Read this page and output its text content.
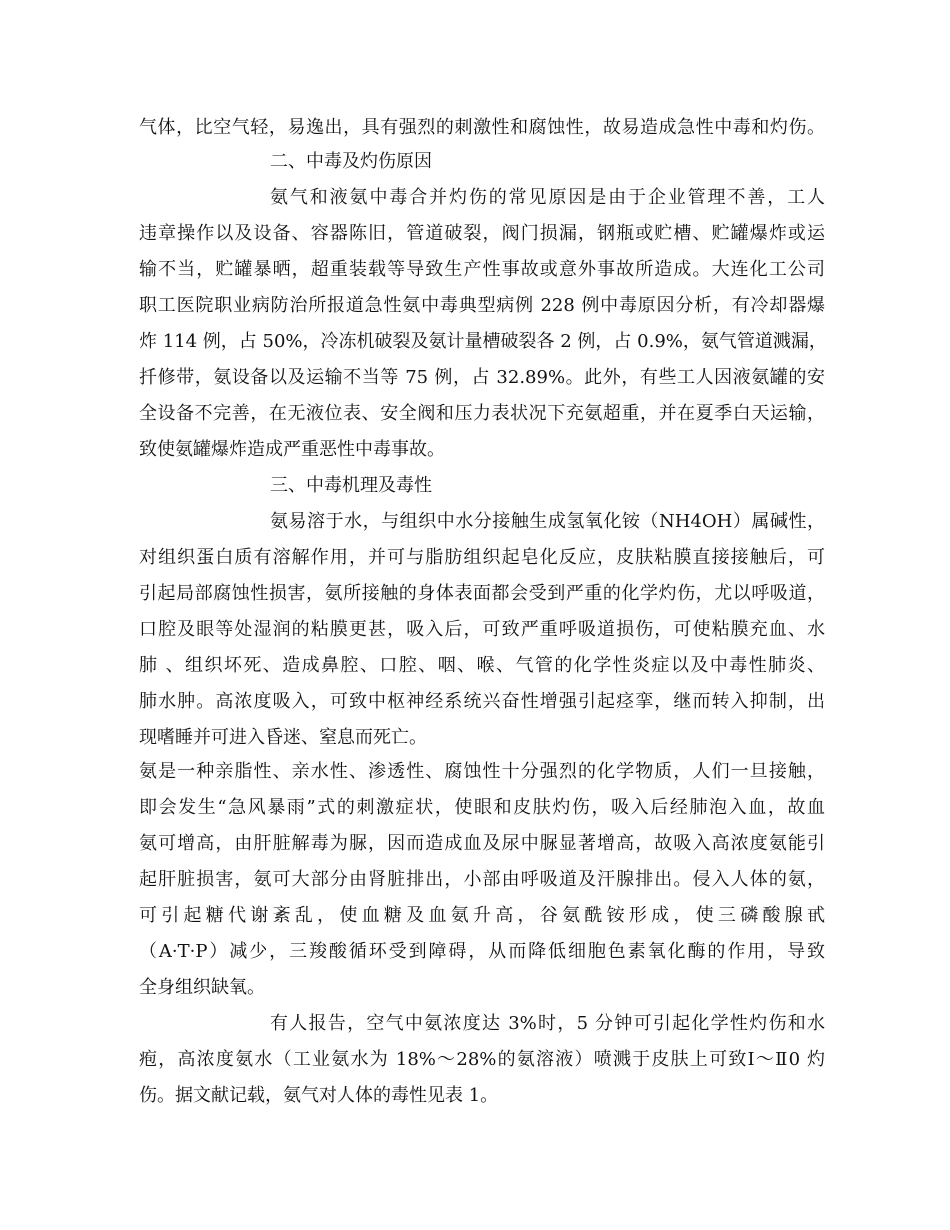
气体，比空气轻，易逸出，具有强烈的刺激性和腐蚀性，故易造成急性中毒和灼伤。
二、中毒及灼伤原因
氨气和液氨中毒合并灼伤的常见原因是由于企业管理不善，工人
违章操作以及设备、容器陈旧，管道破裂，阀门损漏，钢瓶或贮槽、贮罐爆炸或运
输不当，贮罐暴晒，超重装载等导致生产性事故或意外事故所造成。大连化工公司
职工医院职业病防治所报道急性氨中毒典型病例 228 例中毒原因分析，有冷却器爆
炸 114 例，占 50%，冷冻机破裂及氨计量槽破裂各 2 例，占 0.9%，氨气管道溅漏，
扦修带，氨设备以及运输不当等 75 例，占 32.89%。此外，有些工人因液氨罐的安
全设备不完善，在无液位表、安全阀和压力表状况下充氨超重，并在夏季白天运输，
致使氨罐爆炸造成严重恶性中毒事故。
三、中毒机理及毒性
氨易溶于水，与组织中水分接触生成氢氧化铵（NH4OH）属碱性，
对组织蛋白质有溶解作用，并可与脂肪组织起皂化反应，皮肤粘膜直接接触后，可
引起局部腐蚀性损害，氨所接触的身体表面都会受到严重的化学灼伤，尤以呼吸道，
口腔及眼等处湿润的粘膜更甚，吸入后，可致严重呼吸道损伤，可使粘膜充血、水
肺 、组织坏死、造成鼻腔、口腔、咽、喉、气管的化学性炎症以及中毒性肺炎、
肺水肿。高浓度吸入，可致中枢神经系统兴奋性增强引起痉挛，继而转入抑制，出
现嗜睡并可进入昏迷、窒息而死亡。
氨是一种亲脂性、亲水性、渗透性、腐蚀性十分强烈的化学物质，人们一旦接触，
即会发生“急风暴雨”式的刺激症状，使眼和皮肤灼伤，吸入后经肺泡入血，故血
氨可增高，由肝脏解毒为脲，因而造成血及尿中脲显著增高，故吸入高浓度氨能引
起肝脏损害，氨可大部分由肾脏排出，小部由呼吸道及汗腺排出。侵入人体的氨，
可引起糖代谢紊乱，使血糖及血氨升高，谷氨酰铵形成，使三磷酸腺甙
（A·T·P）减少，三羧酸循环受到障碍，从而降低细胞色素氧化酶的作用，导致
全身组织缺氧。
有人报告，空气中氨浓度达 3%时，5 分钟可引起化学性灼伤和水
疱，高浓度氨水（工业氨水为 18%～28%的氨溶液）喷溅于皮肤上可致Ⅰ～Ⅱ0 灼
伤。据文献记载，氨气对人体的毒性见表 1。
